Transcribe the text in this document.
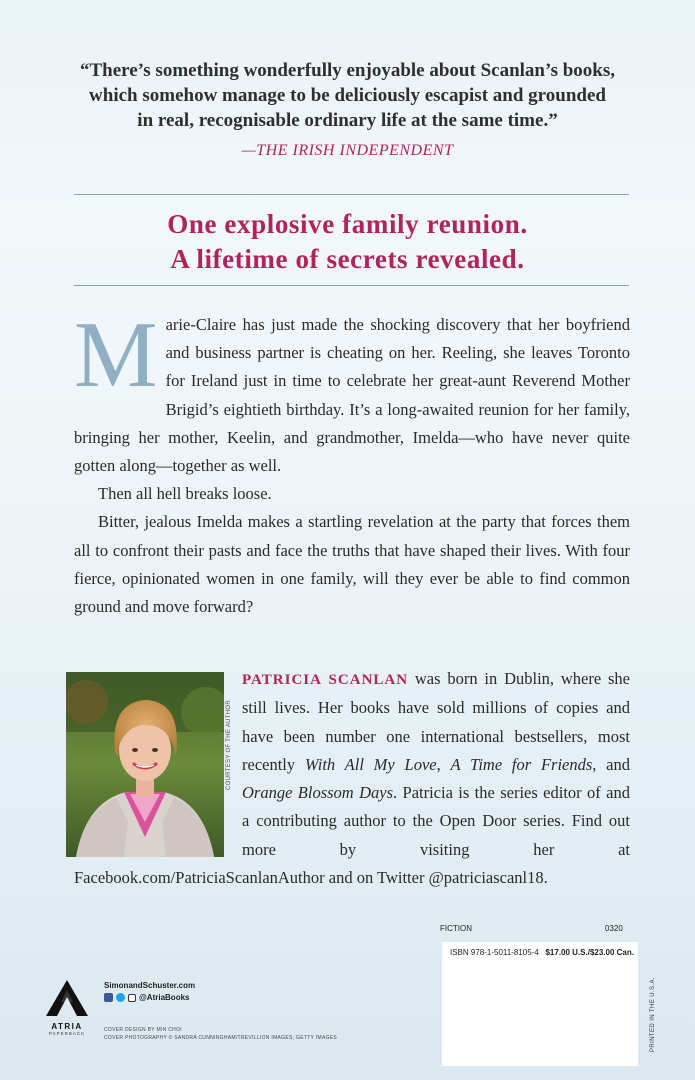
“There’s something wonderfully enjoyable about Scanlan’s books,
which somehow manage to be deliciously escapist and grounded
in real, recognisable ordinary life at the same time.”
—THE IRISH INDEPENDENT
One explosive family reunion.
A lifetime of secrets revealed.

Marie-Claire has just made the shocking discovery that her boyfriend and business partner is cheating on her. Reeling, she leaves Toronto for Ireland just in time to celebrate her great-aunt Reverend Mother Brigid’s eightieth birthday. It’s a long-awaited reunion for her family, bringing her mother, Keelin, and grandmother, Imelda—who have never quite gotten along—together as well.

Then all hell breaks loose.

Bitter, jealous Imelda makes a startling revelation at the party that forces them all to confront their pasts and face the truths that have shaped their lives. With four fierce, opinionated women in one family, will they ever be able to find common ground and move forward?

COURTESY OF THE AUTHOR

PATRICIA SCANLAN was born in Dublin, where she still lives. Her books have sold millions of copies and have been number one international bestsellers, most recently With All My Love, A Time for Friends, and Orange Blossom Days. Patricia is the series editor of and a contributing author to the Open Door series. Find out more by visiting her at Facebook.com/PatriciaScanlanAuthor and on Twitter @patriciascanl18.

FICTION	0320
ISBN 978-1-5011-8105-4 $17.00 U.S./$23.00 Can.
PRINTED IN THE U.S.A.
ATRIA
PAPERBACK
SimonandSchuster.com
@AtriaBooks
COVER DESIGN BY MIN CHOI
COVER PHOTOGRAPHY © SANDRA CUNNINGHAM/TREVILLION IMAGES; GETTY IMAGES
